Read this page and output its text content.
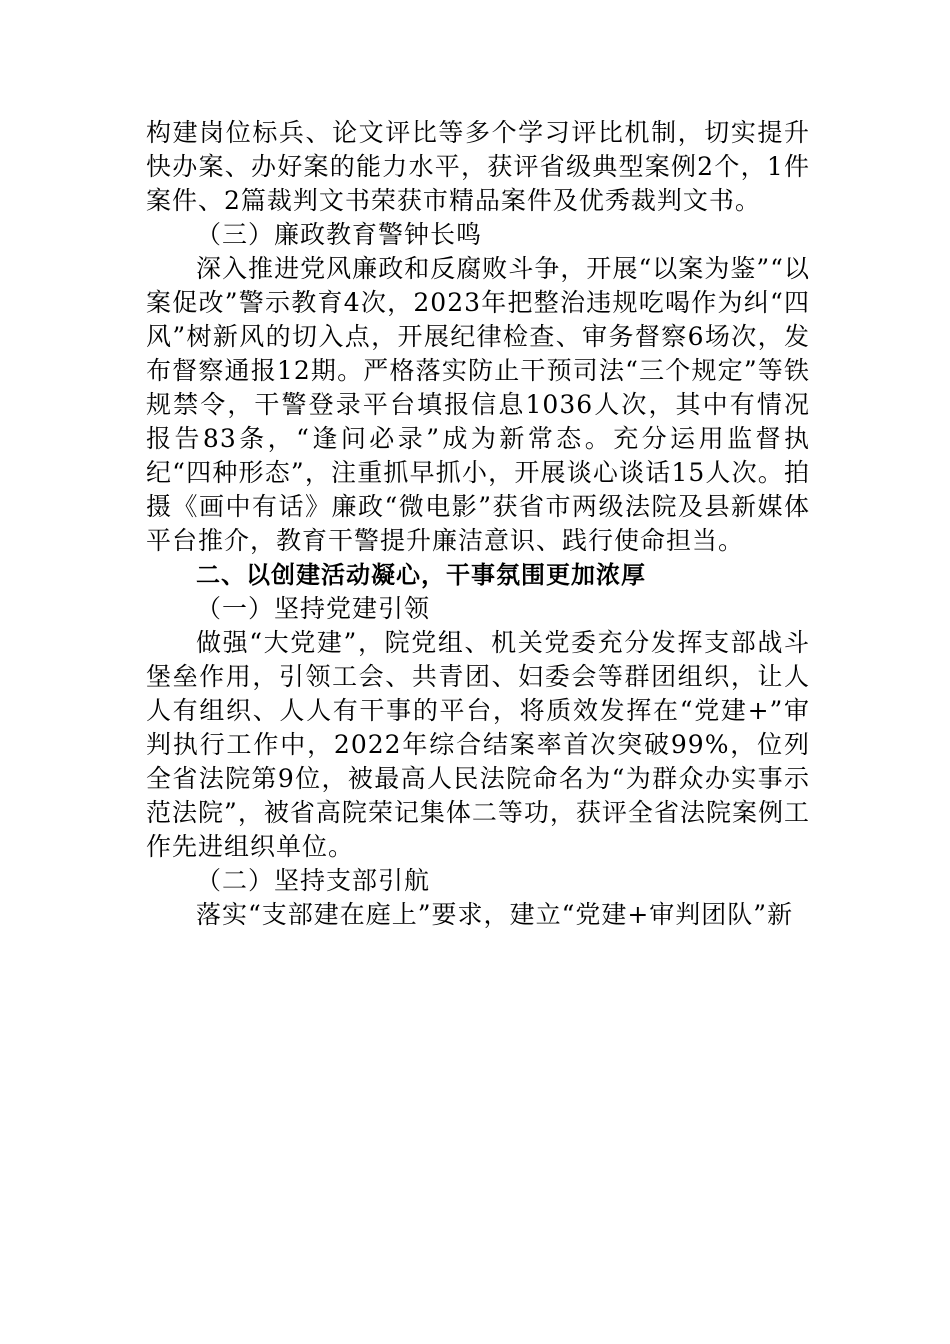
构建岗位标兵、论文评比等多个学习评比机制，切实提升快办案、办好案的能力水平，获评省级典型案例2个，1件案件、2篇裁判文书荣获市精品案件及优秀裁判文书。

（三）廉政教育警钟长鸣

深入推进党风廉政和反腐败斗争，开展“以案为鉴”“以案促改”警示教育4次，2023年把整治违规吃喝作为纠“四风”树新风的切入点，开展纪律检查、审务督察6场次，发布督察通报12期。严格落实防止干预司法“三个规定”等铁规禁令，干警登录平台填报信息1036人次，其中有情况报告83条，“逢问必录”成为新常态。充分运用监督执纪“四种形态”，注重抓早抓小，开展谈心谈话15人次。拍摄《画中有话》廉政“微电影”获省市两级法院及县新媒体平台推介，教育干警提升廉洁意识、践行使命担当。

二、以创建活动凝心，干事氛围更加浓厚

（一）坚持党建引领

做强“大党建”，院党组、机关党委充分发挥支部战斗堡垒作用，引领工会、共青团、妇委会等群团组织，让人人有组织、人人有干事的平台，将质效发挥在“党建+”审判执行工作中，2022年综合结案率首次突破99%，位列全省法院第9位，被最高人民法院命名为“为群众办实事示范法院”，被省高院荣记集体二等功，获评全省法院案例工作先进组织单位。

（二）坚持支部引航

落实“支部建在庭上”要求，建立“党建+审判团队”新
